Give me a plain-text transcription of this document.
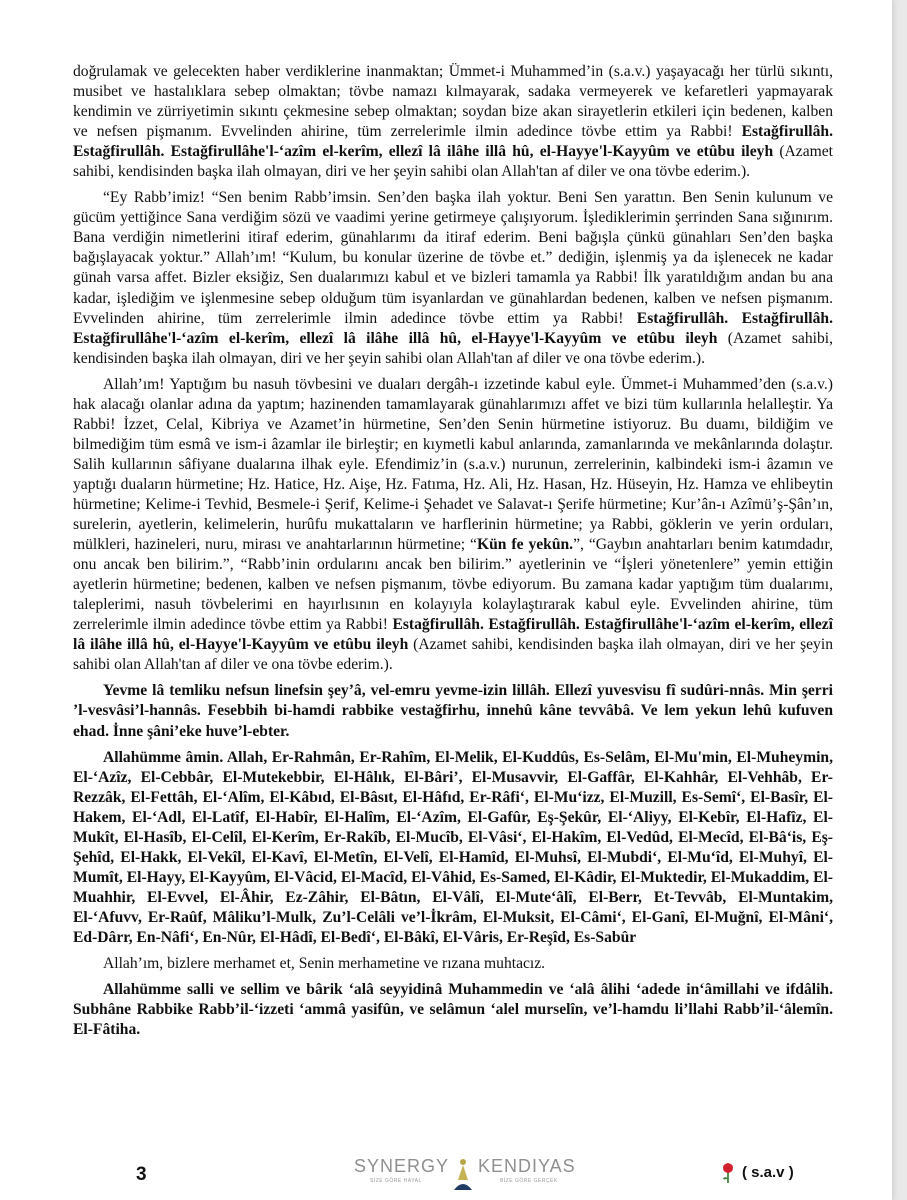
doğrulamak ve gelecekten haber verdiklerine inanmaktan; Ümmet-i Muhammed’in (s.a.v.) yaşayacağı her türlü sıkıntı, musibet ve hastalıklara sebep olmaktan; tövbe namazı kılmayarak, sadaka vermeyerek ve kefaretleri yapmayarak kendimin ve zürriyetimin sıkıntı çekmesine sebep olmaktan; soydan bize akan sirayetlerin etkileri için bedenen, kalben ve nefsen pişmanım. Evvelinden ahirine, tüm zerrelerimle ilmin adedince tövbe ettim ya Rabbi! Estağfirullâh. Estağfirullâh. Estağfirullâhe'l-‘azîm el-kerîm, ellezî lâ ilâhe illâ hû, el-Hayye'l-Kayyûm ve etûbu ileyh (Azamet sahibi, kendisinden başka ilah olmayan, diri ve her şeyin sahibi olan Allah'tan af diler ve ona tövbe ederim.).

“Ey Rabb’imiz! “Sen benim Rabb’imsin. Sen’den başka ilah yoktur. Beni Sen yarattın. Ben Senin kulunum ve gücüm yettiğince Sana verdiğim sözü ve vaadimi yerine getirmeye çalışıyorum. İşlediklerimin şerrinden Sana sığınırım. Bana verdiğin nimetlerini itiraf ederim, günahlarımı da itiraf ederim. Beni bağışla çünkü günahları Sen’den başka bağışlayacak yoktur.” Allah’ım! “Kulum, bu konular üzerine de tövbe et.” dediğin, işlenmiş ya da işlenecek ne kadar günah varsa affet. Bizler eksiğiz, Sen dualarımızı kabul et ve bizleri tamamla ya Rabbi! İlk yaratıldığım andan bu ana kadar, işlediğim ve işlenmesine sebep olduğum tüm isyanlardan ve günahlardan bedenen, kalben ve nefsen pişmanım. Evvelinden ahirine, tüm zerrelerimle ilmin adedince tövbe ettim ya Rabbi! Estağfirullâh. Estağfirullâh. Estağfirullâhe'l-‘azîm el-kerîm, ellezî lâ ilâhe illâ hû, el-Hayye'l-Kayyûm ve etûbu ileyh (Azamet sahibi, kendisinden başka ilah olmayan, diri ve her şeyin sahibi olan Allah'tan af diler ve ona tövbe ederim.).

Allah’ım! Yaptığım bu nasuh tövbesini ve duaları dergâh-ı izzetinde kabul eyle. Ümmet-i Muhammed’den (s.a.v.) hak alacağı olanlar adına da yaptım; hazinenden tamamlayarak günahlarımızı affet ve bizi tüm kullarınla helalleştir. Ya Rabbi! İzzet, Celal, Kibriya ve Azamet’in hürmetine, Sen’den Senin hürmetine istiyoruz. Bu duamı, bildiğim ve bilmediğim tüm esmâ ve ism-i âzamlar ile birleştir; en kıymetli kabul anlarında, zamanlarında ve mekânlarında dolaştır. Salih kullarının sâfiyane dualarına ilhak eyle. Efendimiz’in (s.a.v.) nurunun, zerrelerinin, kalbindeki ism-i âzamın ve yaptığı duaların hürmetine; Hz. Hatice, Hz. Aişe, Hz. Fatıma, Hz. Ali, Hz. Hasan, Hz. Hüseyin, Hz. Hamza ve ehlibeytin hürmetine; Kelime-i Tevhid, Besmele-i Şerif, Kelime-i Şehadet ve Salavat-ı Şerife hürmetine; Kur’ân-ı Azîmü’ş-Şân’ın, surelerin, ayetlerin, kelimelerin, hurûfu mukattaların ve harflerinin hürmetine; ya Rabbi, göklerin ve yerin orduları, mülkleri, hazineleri, nuru, mirası ve anahtarlarının hürmetine; “Kün fe yekûn.”, “Gaybın anahtarları benim katımdadır, onu ancak ben bilirim.”, “Rabb’inin ordularını ancak ben bilirim.” ayetlerinin ve “İşleri yönetenlere” yemin ettiğin ayetlerin hürmetine; bedenen, kalben ve nefsen pişmanım, tövbe ediyorum. Bu zamana kadar yaptığım tüm dualarımı, taleplerimi, nasuh tövbelerimi en hayırlısının en kolayıyla kolaylaştırarak kabul eyle. Evvelinden ahirine, tüm zerrelerimle ilmin adedince tövbe ettim ya Rabbi! Estağfirullâh. Estağfirullâh. Estağfirullâhe'l-‘azîm el-kerîm, ellezî lâ ilâhe illâ hû, el-Hayye'l-Kayyûm ve etûbu ileyh (Azamet sahibi, kendisinden başka ilah olmayan, diri ve her şeyin sahibi olan Allah'tan af diler ve ona tövbe ederim.).

Yevme lâ temliku nefsun linefsin şey’â, vel-emru yevme-izin lillâh. Ellezî yuvesvisu fî sudûri-nnâs. Min şerri ’l-vesvâsi’l-hannâs. Fesebbih bi-hamdi rabbike vestağfirhu, innehû kâne tevvâbâ. Ve lem yekun lehû kufuven ehad. İnne şâni’eke huve’l-ebter.

Allahümme âmin. Allah, Er-Rahmân, Er-Rahîm, El-Melik, El-Kuddûs, Es-Selâm, El-Mu'min, El-Muheymin, El-‘Azîz, El-Cebbâr, El-Mutekebbir, El-Hâlık, El-Bâri’, El-Musavvir, El-Gaffâr, El-Kahhâr, El-Vehhâb, Er-Rezzâk, El-Fettâh, El-‘Alîm, El-Kâbıd, El-Bâsıt, El-Hâfıd, Er-Râfi‘, El-Mu‘izz, El-Muzill, Es-Semî‘, El-Basîr, El-Hakem, El-‘Adl, El-Latîf, El-Habîr, El-Halîm, El-‘Azîm, El-Gafûr, Eş-Şekûr, El-‘Aliyy, El-Kebîr, El-Hafîz, El-Mukît, El-Hasîb, El-Celîl, El-Kerîm, Er-Rakîb, El-Mucîb, El-Vâsi‘, El-Hakîm, El-Vedûd, El-Mecîd, El-Bâ‘is, Eş-Şehîd, El-Hakk, El-Vekîl, El-Kavî, El-Metîn, El-Velî, El-Hamîd, El-Muhsî, El-Mubdi‘, El-Mu‘îd, El-Muhyî, El-Mumît, El-Hayy, El-Kayyûm, El-Vâcid, El-Macîd, El-Vâhid, Es-Samed, El-Kâdir, El-Muktedir, El-Mukaddim, El-Muahhir, El-Evvel, El-Âhir, Ez-Zâhir, El-Bâtın, El-Vâlî, El-Mute‘âlî, El-Berr, Et-Tevvâb, El-Muntakim, El-‘Afuvv, Er-Raûf, Mâliku’l-Mulk, Zu’l-Celâli ve’l-İkrâm, El-Muksit, El-Câmi‘, El-Ganî, El-Muğnî, El-Mâni‘, Ed-Dârr, En-Nâfi‘, En-Nûr, El-Hâdî, El-Bedî‘, El-Bâkî, El-Vâris, Er-Reşîd, Es-Sabûr

Allah’ım, bizlere merhamet et, Senin merhametine ve rızana muhtacız.

Allahümme salli ve sellim ve bârik ‘alâ seyyidinâ Muhammedin ve ‘alâ âlihi ‘adede in‘âmillahi ve ifdâlih. Subhâne Rabbike Rabb’il-‘izzeti ‘ammâ yasifûn, ve selâmun ‘alel murselîn, ve’l-hamdu li’llahi Rabb’il-‘âlemîn. El-Fâtiha.

3	SYNERGY KENDIYAS
SİZE GÖRE HAYAL	BİZE GÖRE GERÇEK	( s.a.v )
